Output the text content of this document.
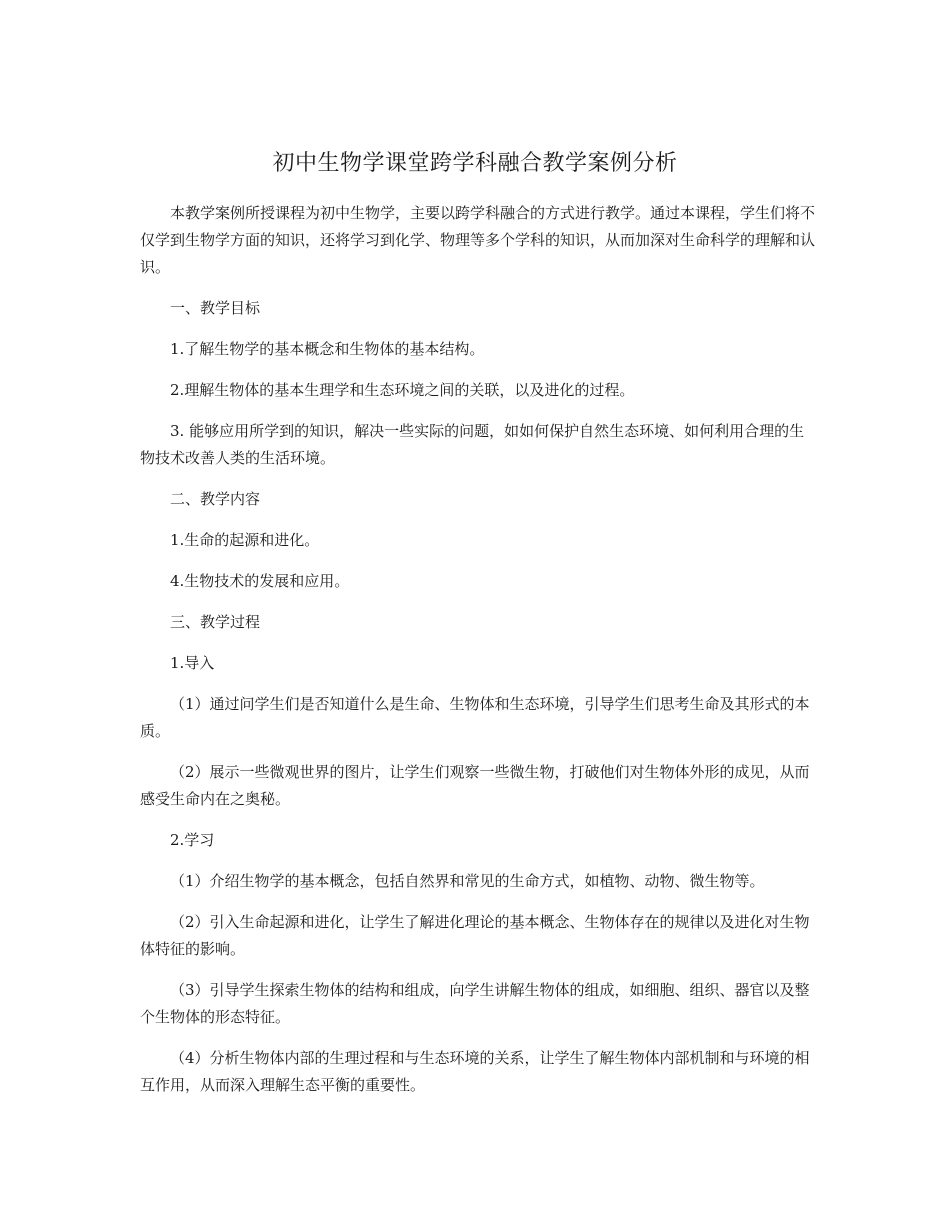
初中生物学课堂跨学科融合教学案例分析

本教学案例所授课程为初中生物学，主要以跨学科融合的方式进行教学。通过本课程，学生们将不仅学到生物学方面的知识，还将学习到化学、物理等多个学科的知识，从而加深对生命科学的理解和认识。

一、教学目标

1.了解生物学的基本概念和生物体的基本结构。

2.理解生物体的基本生理学和生态环境之间的关联，以及进化的过程。

3. 能够应用所学到的知识，解决一些实际的问题，如如何保护自然生态环境、如何利用合理的生物技术改善人类的生活环境。

二、教学内容

1.生命的起源和进化。

4.生物技术的发展和应用。

三、教学过程

1.导入

（1）通过问学生们是否知道什么是生命、生物体和生态环境，引导学生们思考生命及其形式的本质。

（2）展示一些微观世界的图片，让学生们观察一些微生物，打破他们对生物体外形的成见，从而感受生命内在之奥秘。

2.学习

（1）介绍生物学的基本概念，包括自然界和常见的生命方式，如植物、动物、微生物等。

（2）引入生命起源和进化，让学生了解进化理论的基本概念、生物体存在的规律以及进化对生物体特征的影响。

（3）引导学生探索生物体的结构和组成，向学生讲解生物体的组成，如细胞、组织、器官以及整个生物体的形态特征。

（4）分析生物体内部的生理过程和与生态环境的关系，让学生了解生物体内部机制和与环境的相互作用，从而深入理解生态平衡的重要性。
